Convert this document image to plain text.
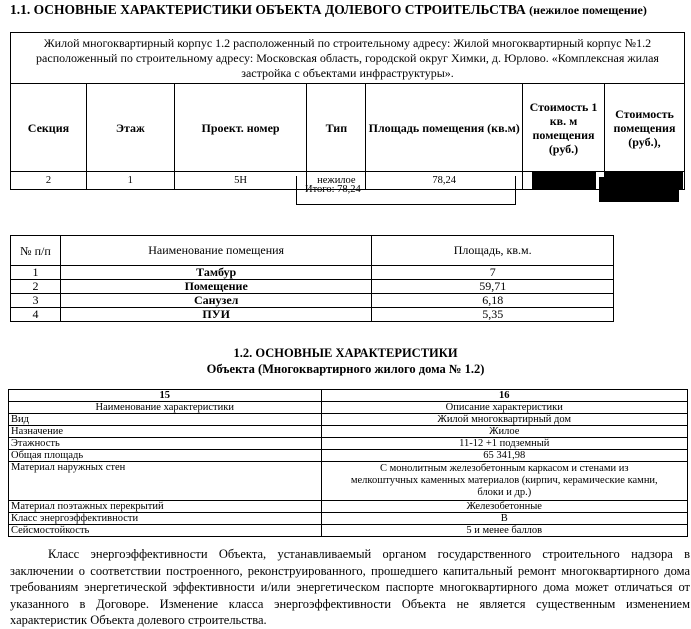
1.1. ОСНОВНЫЕ ХАРАКТЕРИСТИКИ ОБЪЕКТА ДОЛЕВОГО СТРОИТЕЛЬСТВА (нежилое помещение)
Жилой многоквартирный корпус 1.2 расположенный по строительному адресу: Жилой многоквартирный корпус №1.2 расположенный по строительному адресу: Московская область, городской округ Химки, д. Юрлово. «Комплексная жилая застройка с объектами инфраструктуры».						
Секция	Этаж	Проект. номер	Тип	Площадь помещения (кв.м)	Стоимость 1 кв. м помещения (руб.)	Стоимость помещения (руб.),
2	1	5Н	нежилое	78,24		
Итого: 78,24
№ п/п	Наименование помещения	Площадь, кв.м.
1	Тамбур	7
2	Помещение	59,71
3	Санузел	6,18
4	ПУИ	5,35
1.2. ОСНОВНЫЕ ХАРАКТЕРИСТИКИ
Объекта (Многоквартирного жилого дома № 1.2)
15	16
Наименование характеристики	Описание характеристики
Вид	Жилой многоквартирный дом
Назначение	Жилое
Этажность	11-12 +1 подземный
Общая площадь	65 341,98
Материал наружных стен	С монолитным железобетонным каркасом и стенами из мелкоштучных каменных материалов (кирпич, керамические камни, блоки и др.)
Материал поэтажных перекрытий	Железобетонные
Класс энергоэффективности	В
Сейсмостойкость	5 и менее баллов
Класс энергоэффективности Объекта, устанавливаемый органом государственного строительного надзора в заключении о соответствии построенного, реконструированного, прошедшего капитальный ремонт многоквартирного дома требованиям энергетической эффективности и/или энергетическом паспорте многоквартирного дома может отличаться от указанного в Договоре. Изменение класса энергоэффективности Объекта не является существенным изменением характеристик Объекта долевого строительства.
